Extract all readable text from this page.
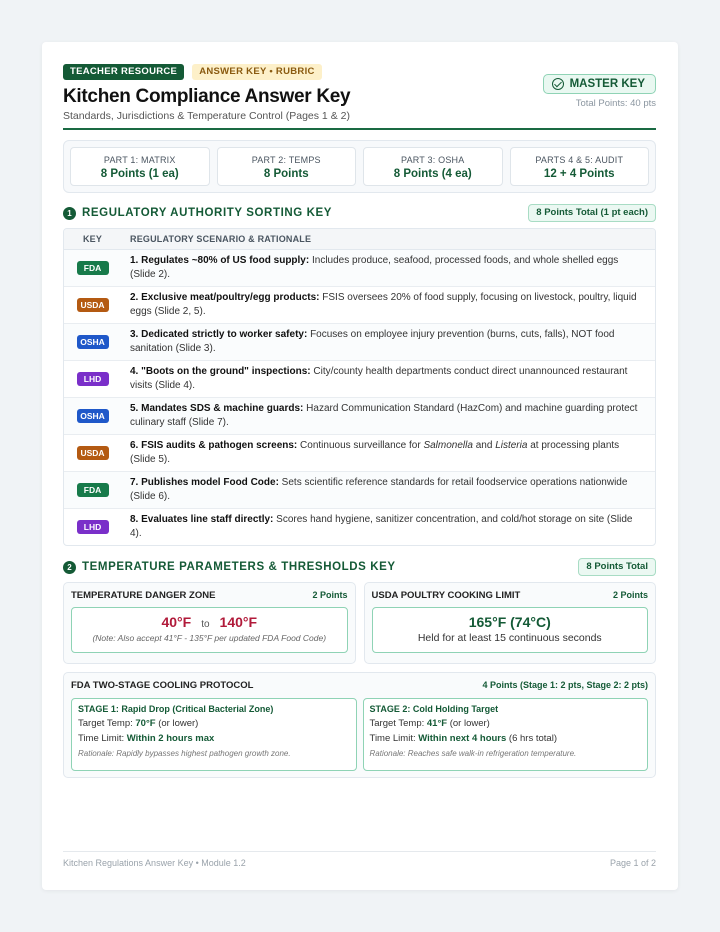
TEACHER RESOURCE	ANSWER KEY • RUBRIC
Kitchen Compliance Answer Key
Standards, Jurisdictions & Temperature Control (Pages 1 & 2)
MASTER KEY
Total Points: 40 pts
PART 1: MATRIX
8 Points (1 ea)
PART 2: TEMPS
8 Points
PART 3: OSHA
8 Points (4 ea)
PARTS 4 & 5: AUDIT
12 + 4 Points
1 REGULATORY AUTHORITY SORTING KEY	8 Points Total (1 pt each)
KEY	REGULATORY SCENARIO & RATIONALE
FDA
1. Regulates ~80% of US food supply: Includes produce, seafood, processed foods, and whole shelled eggs (Slide 2).
USDA
2. Exclusive meat/poultry/egg products: FSIS oversees 20% of food supply, focusing on livestock, poultry, liquid eggs (Slide 2, 5).
OSHA
3. Dedicated strictly to worker safety: Focuses on employee injury prevention (burns, cuts, falls), NOT food sanitation (Slide 3).
LHD
4. "Boots on the ground" inspections: City/county health departments conduct direct unannounced restaurant visits (Slide 4).
OSHA
5. Mandates SDS & machine guards: Hazard Communication Standard (HazCom) and machine guarding protect culinary staff (Slide 7).
USDA
6. FSIS audits & pathogen screens: Continuous surveillance for Salmonella and Listeria at processing plants (Slide 5).
FDA
7. Publishes model Food Code: Sets scientific reference standards for retail foodservice operations nationwide (Slide 6).
LHD
8. Evaluates line staff directly: Scores hand hygiene, sanitizer concentration, and cold/hot storage on site (Slide 4).
2 TEMPERATURE PARAMETERS & THRESHOLDS KEY	8 Points Total
TEMPERATURE DANGER ZONE	2 Points
40°F to 140°F
(Note: Also accept 41°F - 135°F per updated FDA Food Code)
USDA POULTRY COOKING LIMIT	2 Points
165°F (74°C)
Held for at least 15 continuous seconds
FDA TWO-STAGE COOLING PROTOCOL	4 Points (Stage 1: 2 pts, Stage 2: 2 pts)
STAGE 1: Rapid Drop (Critical Bacterial Zone)
Target Temp: 70°F (or lower)
Time Limit: Within 2 hours max
Rationale: Rapidly bypasses highest pathogen growth zone.
STAGE 2: Cold Holding Target
Target Temp: 41°F (or lower)
Time Limit: Within next 4 hours (6 hrs total)
Rationale: Reaches safe walk-in refrigeration temperature.
Kitchen Regulations Answer Key • Module 1.2	Page 1 of 2
